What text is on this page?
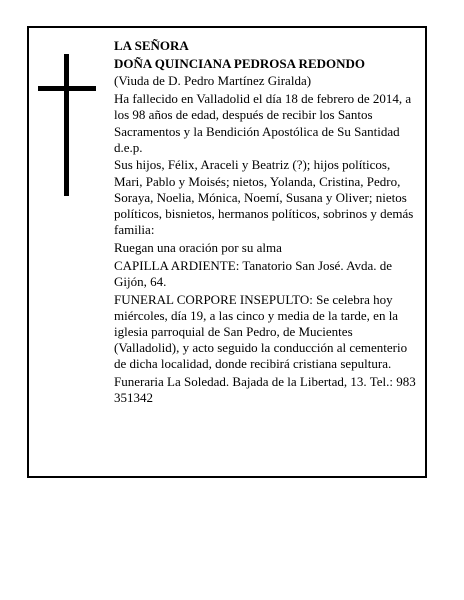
LA SEÑORA

DOÑA QUINCIANA PEDROSA REDONDO

(Viuda de D. Pedro Martínez Giralda)

Ha fallecido en Valladolid el día 18 de febrero de 2014, a los 98 años de edad, después de recibir los Santos Sacramentos y la Bendición Apostólica de Su Santidad d.e.p.

Sus hijos, Félix, Araceli y Beatriz (?); hijos políticos, Mari, Pablo y Moisés; nietos, Yolanda, Cristina, Pedro, Soraya, Noelia, Mónica, Noemí, Susana y Oliver; nietos políticos, bisnietos, hermanos políticos, sobrinos y demás familia:

Ruegan una oración por su alma

CAPILLA ARDIENTE: Tanatorio San José. Avda. de Gijón, 64.

FUNERAL CORPORE INSEPULTO: Se celebra hoy miércoles, día 19, a las cinco y media de la tarde, en la iglesia parroquial de San Pedro, de Mucientes (Valladolid), y acto seguido la conducción al cementerio de dicha localidad, donde recibirá cristiana sepultura.

Funeraria La Soledad. Bajada de la Libertad, 13. Tel.: 983 351342
